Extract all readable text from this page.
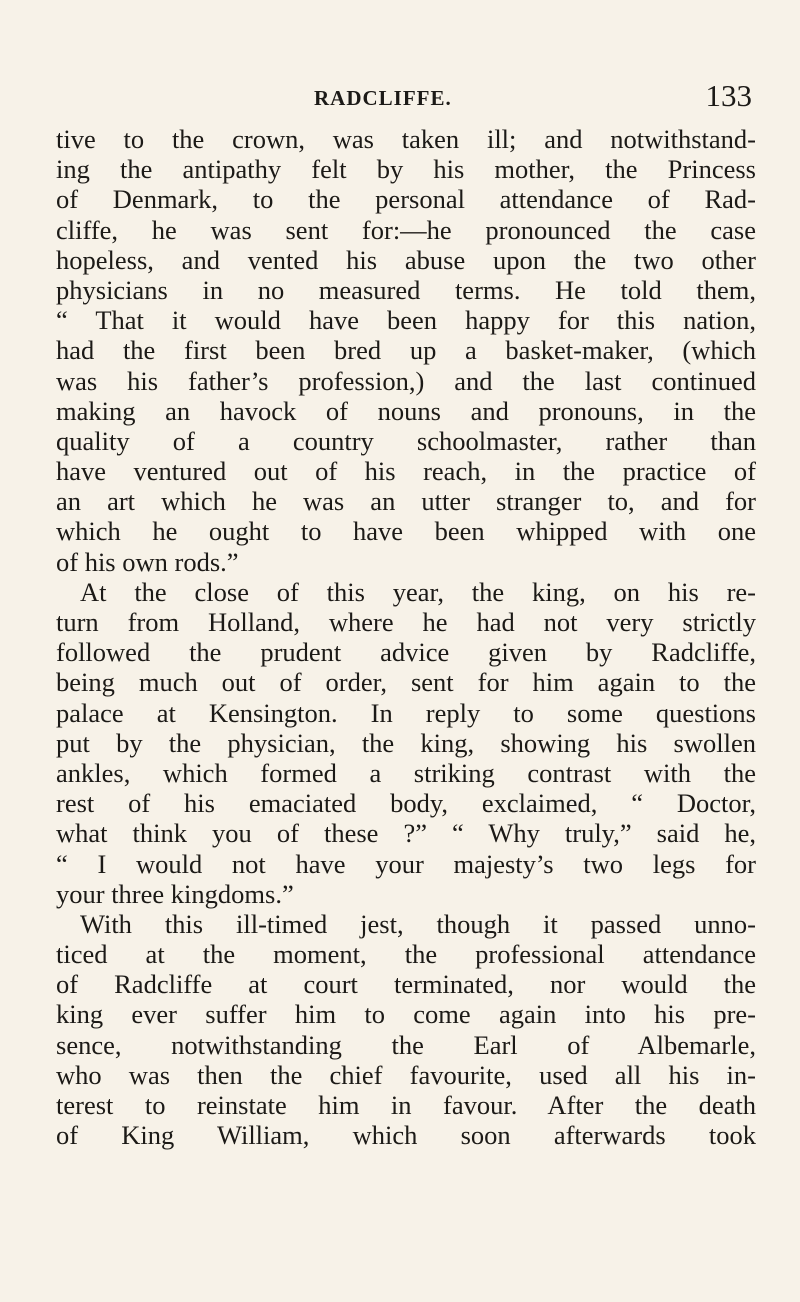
RADCLIFFE.	133
tive to the crown, was taken ill; and notwithstand-
ing the antipathy felt by his mother, the Princess
of Denmark, to the personal attendance of Rad-
cliffe, he was sent for:—he pronounced the case
hopeless, and vented his abuse upon the two other
physicians in no measured terms. He told them,
“ That it would have been happy for this nation,
had the first been bred up a basket-maker, (which
was his father’s profession,) and the last continued
making an havock of nouns and pronouns, in the
quality of a country schoolmaster, rather than
have ventured out of his reach, in the practice of
an art which he was an utter stranger to, and for
which he ought to have been whipped with one
of his own rods.”
At the close of this year, the king, on his re-
turn from Holland, where he had not very strictly
followed the prudent advice given by Radcliffe,
being much out of order, sent for him again to the
palace at Kensington. In reply to some questions
put by the physician, the king, showing his swollen
ankles, which formed a striking contrast with the
rest of his emaciated body, exclaimed, “ Doctor,
what think you of these ?” “ Why truly,” said he,
“ I would not have your majesty’s two legs for
your three kingdoms.”
With this ill-timed jest, though it passed unno-
ticed at the moment, the professional attendance
of Radcliffe at court terminated, nor would the
king ever suffer him to come again into his pre-
sence, notwithstanding the Earl of Albemarle,
who was then the chief favourite, used all his in-
terest to reinstate him in favour. After the death
of King William, which soon afterwards took
